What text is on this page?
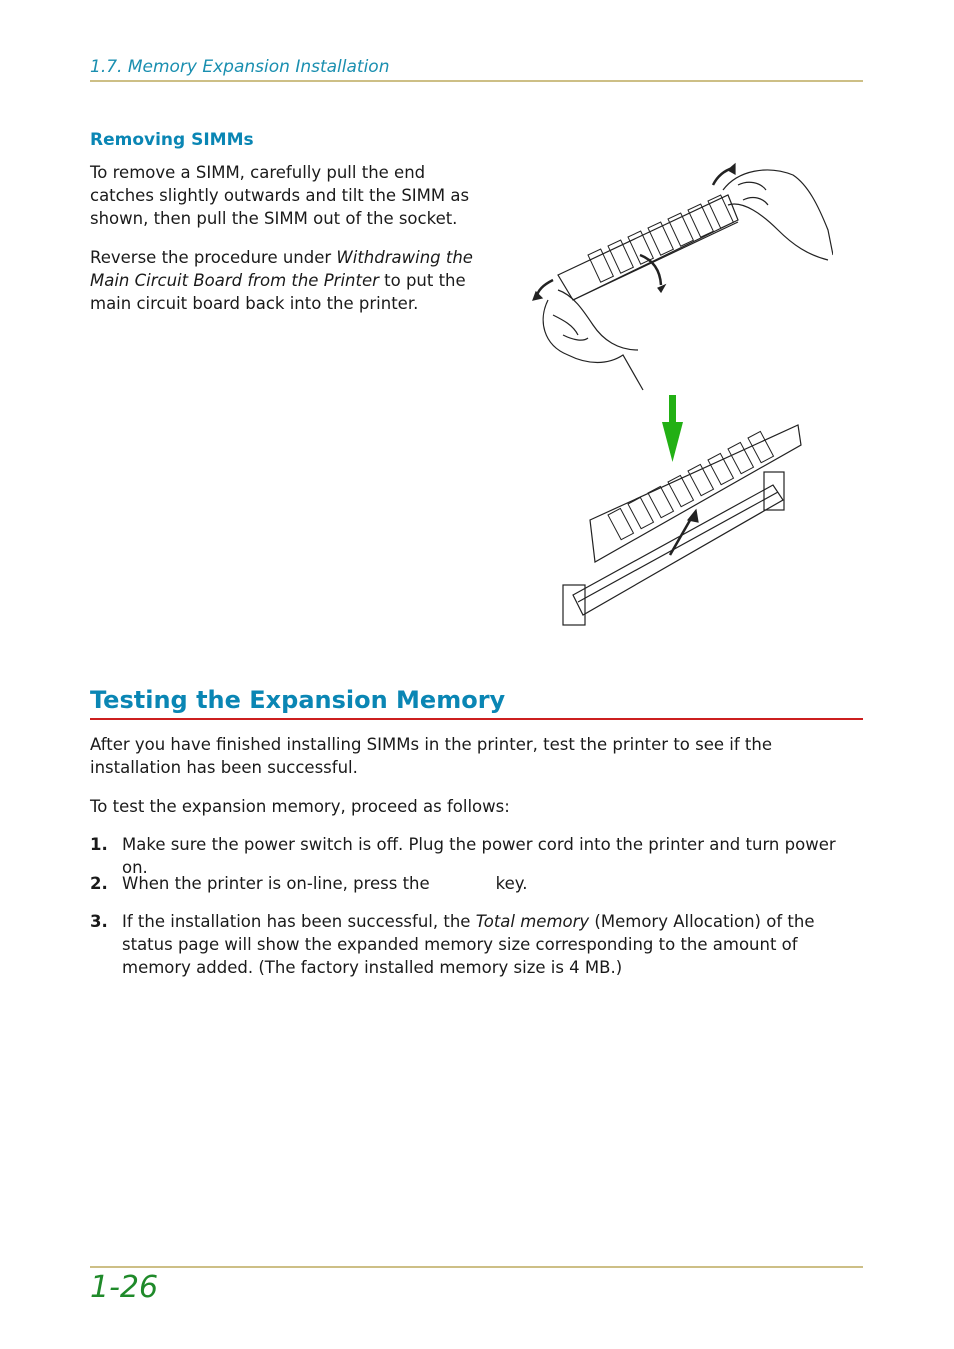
1.7. Memory Expansion Installation
Removing SIMMs
To remove a SIMM, carefully pull the end catches slightly outwards and tilt the SIMM as shown, then pull the SIMM out of the socket.
Reverse the procedure under Withdrawing the Main Circuit Board from the Printer to put the main circuit board back into the printer.
Testing the Expansion Memory
After you have finished installing SIMMs in the printer, test the printer to see if the installation has been successful.
To test the expansion memory, proceed as follows:
1. Make sure the power switch is off. Plug the power cord into the printer and turn power on.
2. When the printer is on-line, press the	key.
3. If the installation has been successful, the Total memory (Memory Allocation) of the status page will show the expanded memory size corresponding to the amount of memory added. (The factory installed memory size is 4 MB.)
1-26
